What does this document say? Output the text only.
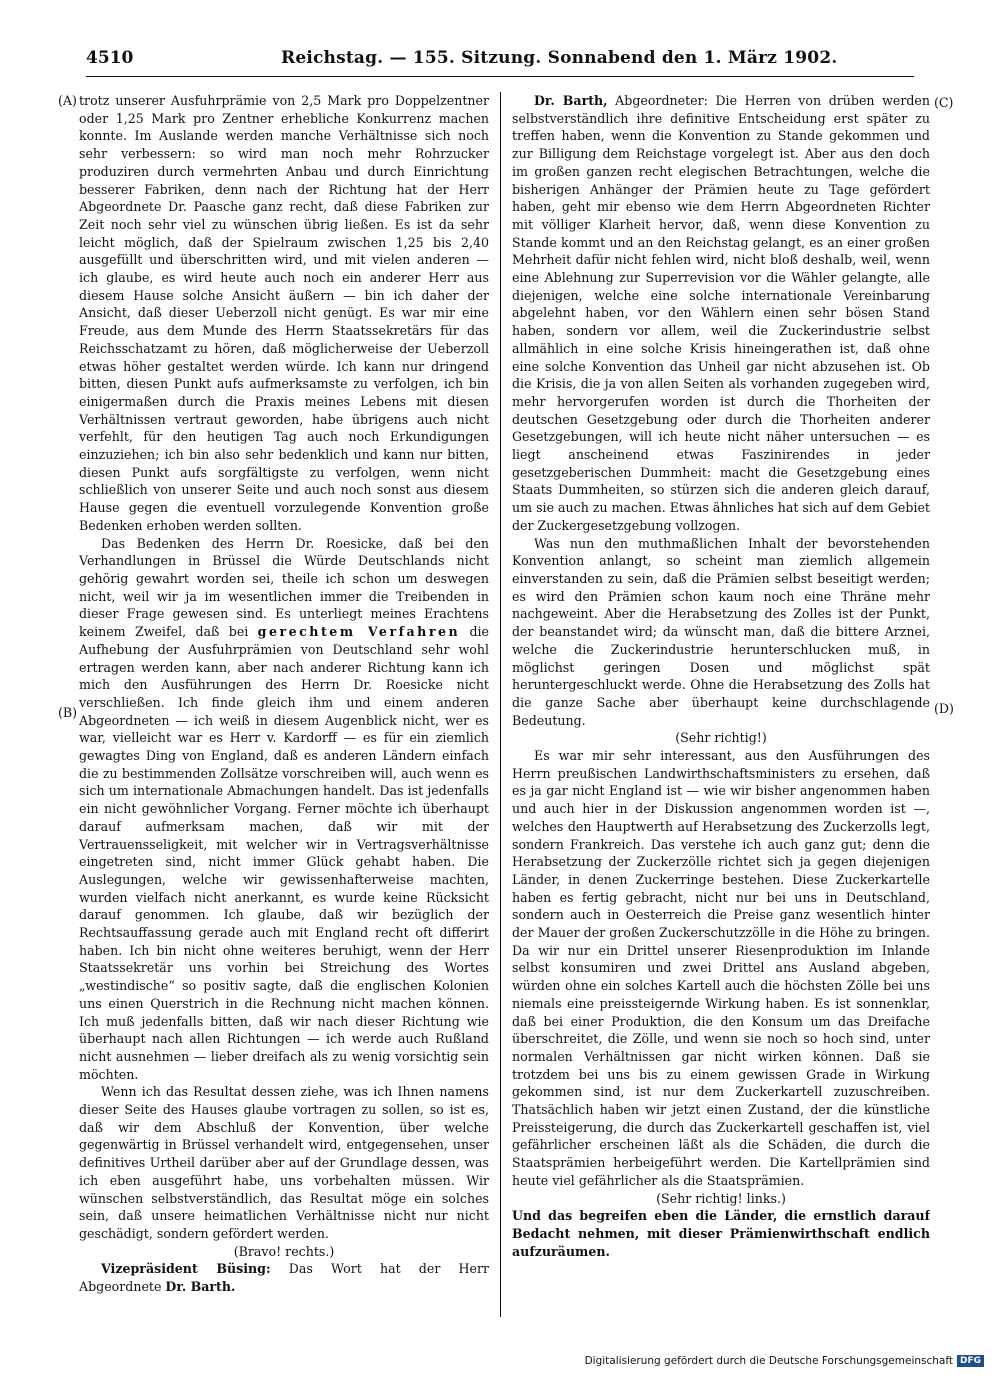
4510	Reichstag. — 155. Sitzung. Sonnabend den 1. März 1902.
(A)
(B)
(C)
(D)

trotz unserer Ausfuhrprämie von 2,5 Mark pro Doppelzentner oder 1,25 Mark pro Zentner erhebliche Konkurrenz machen konnte. Im Auslande werden manche Verhältnisse sich noch sehr verbessern: so wird man noch mehr Rohrzucker produziren durch vermehrten Anbau und durch Einrichtung besserer Fabriken, denn nach der Richtung hat der Herr Abgeordnete Dr. Paasche ganz recht, daß diese Fabriken zur Zeit noch sehr viel zu wünschen übrig ließen. Es ist da sehr leicht möglich, daß der Spielraum zwischen 1,25 bis 2,40 ausgefüllt und überschritten wird, und mit vielen anderen — ich glaube, es wird heute auch noch ein anderer Herr aus diesem Hause solche Ansicht äußern — bin ich daher der Ansicht, daß dieser Ueberzoll nicht genügt. Es war mir eine Freude, aus dem Munde des Herrn Staatssekretärs für das Reichsschatzamt zu hören, daß möglicherweise der Ueberzoll etwas höher gestaltet werden würde. Ich kann nur dringend bitten, diesen Punkt aufs aufmerksamste zu verfolgen, ich bin einigermaßen durch die Praxis meines Lebens mit diesen Verhältnissen vertraut geworden, habe übrigens auch nicht verfehlt, für den heutigen Tag auch noch Erkundigungen einzuziehen; ich bin also sehr bedenklich und kann nur bitten, diesen Punkt aufs sorgfältigste zu verfolgen, wenn nicht schließlich von unserer Seite und auch noch sonst aus diesem Hause gegen die eventuell vorzulegende Konvention große Bedenken erhoben werden sollten.

Das Bedenken des Herrn Dr. Roesicke, daß bei den Verhandlungen in Brüssel die Würde Deutschlands nicht gehörig gewahrt worden sei, theile ich schon um deswegen nicht, weil wir ja im wesentlichen immer die Treibenden in dieser Frage gewesen sind. Es unterliegt meines Erachtens keinem Zweifel, daß bei gerechtem Verfahren die Aufhebung der Ausfuhrprämien von Deutschland sehr wohl ertragen werden kann, aber nach anderer Richtung kann ich mich den Ausführungen des Herrn Dr. Roesicke nicht verschließen. Ich finde gleich ihm und einem anderen Abgeordneten — ich weiß in diesem Augenblick nicht, wer es war, vielleicht war es Herr v. Kardorff — es für ein ziemlich gewagtes Ding von England, daß es anderen Ländern einfach die zu bestimmenden Zollsätze vorschreiben will, auch wenn es sich um internationale Abmachungen handelt. Das ist jedenfalls ein nicht gewöhnlicher Vorgang. Ferner möchte ich überhaupt darauf aufmerksam machen, daß wir mit der Vertrauensseligkeit, mit welcher wir in Vertragsverhältnisse eingetreten sind, nicht immer Glück gehabt haben. Die Auslegungen, welche wir gewissenhafterweise machten, wurden vielfach nicht anerkannt, es wurde keine Rücksicht darauf genommen. Ich glaube, daß wir bezüglich der Rechtsauffassung gerade auch mit England recht oft differirt haben. Ich bin nicht ohne weiteres beruhigt, wenn der Herr Staatssekretär uns vorhin bei Streichung des Wortes „westindische“ so positiv sagte, daß die englischen Kolonien uns einen Querstrich in die Rechnung nicht machen können. Ich muß jedenfalls bitten, daß wir nach dieser Richtung wie überhaupt nach allen Richtungen — ich werde auch Rußland nicht ausnehmen — lieber dreifach als zu wenig vorsichtig sein möchten.

Wenn ich das Resultat dessen ziehe, was ich Ihnen namens dieser Seite des Hauses glaube vortragen zu sollen, so ist es, daß wir dem Abschluß der Konvention, über welche gegenwärtig in Brüssel verhandelt wird, entgegensehen, unser definitives Urtheil darüber aber auf der Grundlage dessen, was ich eben ausgeführt habe, uns vorbehalten müssen. Wir wünschen selbstverständlich, das Resultat möge ein solches sein, daß unsere heimatlichen Verhältnisse nicht nur nicht geschädigt, sondern gefördert werden.

(Bravo! rechts.)

Vizepräsident Büsing: Das Wort hat der Herr Abgeordnete Dr. Barth.

Dr. Barth, Abgeordneter: Die Herren von drüben werden selbstverständlich ihre definitive Entscheidung erst später zu treffen haben, wenn die Konvention zu Stande gekommen und zur Billigung dem Reichstage vorgelegt ist. Aber aus den doch im großen ganzen recht elegischen Betrachtungen, welche die bisherigen Anhänger der Prämien heute zu Tage gefördert haben, geht mir ebenso wie dem Herrn Abgeordneten Richter mit völliger Klarheit hervor, daß, wenn diese Konvention zu Stande kommt und an den Reichstag gelangt, es an einer großen Mehrheit dafür nicht fehlen wird, nicht bloß deshalb, weil, wenn eine Ablehnung zur Superrevision vor die Wähler gelangte, alle diejenigen, welche eine solche internationale Vereinbarung abgelehnt haben, vor den Wählern einen sehr bösen Stand haben, sondern vor allem, weil die Zuckerindustrie selbst allmählich in eine solche Krisis hineingerathen ist, daß ohne eine solche Konvention das Unheil gar nicht abzusehen ist. Ob die Krisis, die ja von allen Seiten als vorhanden zugegeben wird, mehr hervorgerufen worden ist durch die Thorheiten der deutschen Gesetzgebung oder durch die Thorheiten anderer Gesetzgebungen, will ich heute nicht näher untersuchen — es liegt anscheinend etwas Faszinirendes in jeder gesetzgeberischen Dummheit: macht die Gesetzgebung eines Staats Dummheiten, so stürzen sich die anderen gleich darauf, um sie auch zu machen. Etwas ähnliches hat sich auf dem Gebiet der Zuckergesetzgebung vollzogen.

Was nun den muthmaßlichen Inhalt der bevorstehenden Konvention anlangt, so scheint man ziemlich allgemein einverstanden zu sein, daß die Prämien selbst beseitigt werden; es wird den Prämien schon kaum noch eine Thräne mehr nachgeweint. Aber die Herabsetzung des Zolles ist der Punkt, der beanstandet wird; da wünscht man, daß die bittere Arznei, welche die Zuckerindustrie herunterschlucken muß, in möglichst geringen Dosen und möglichst spät heruntergeschluckt werde. Ohne die Herabsetzung des Zolls hat die ganze Sache aber überhaupt keine durchschlagende Bedeutung.

(Sehr richtig!)

Es war mir sehr interessant, aus den Ausführungen des Herrn preußischen Landwirthschaftsministers zu ersehen, daß es ja gar nicht England ist — wie wir bisher angenommen haben und auch hier in der Diskussion angenommen worden ist —, welches den Hauptwerth auf Herabsetzung des Zuckerzolls legt, sondern Frankreich. Das verstehe ich auch ganz gut; denn die Herabsetzung der Zuckerzölle richtet sich ja gegen diejenigen Länder, in denen Zuckerringe bestehen. Diese Zuckerkartelle haben es fertig gebracht, nicht nur bei uns in Deutschland, sondern auch in Oesterreich die Preise ganz wesentlich hinter der Mauer der großen Zuckerschutzzölle in die Höhe zu bringen. Da wir nur ein Drittel unserer Riesenproduktion im Inlande selbst konsumiren und zwei Drittel ans Ausland abgeben, würden ohne ein solches Kartell auch die höchsten Zölle bei uns niemals eine preissteigernde Wirkung haben. Es ist sonnenklar, daß bei einer Produktion, die den Konsum um das Dreifache überschreitet, die Zölle, und wenn sie noch so hoch sind, unter normalen Verhältnissen gar nicht wirken können. Daß sie trotzdem bei uns bis zu einem gewissen Grade in Wirkung gekommen sind, ist nur dem Zuckerkartell zuzuschreiben. Thatsächlich haben wir jetzt einen Zustand, der die künstliche Preissteigerung, die durch das Zuckerkartell geschaffen ist, viel gefährlicher erscheinen läßt als die Schäden, die durch die Staatsprämien herbeigeführt werden. Die Kartellprämien sind heute viel gefährlicher als die Staatsprämien.

(Sehr richtig! links.)

Und das begreifen eben die Länder, die ernstlich darauf Bedacht nehmen, mit dieser Prämienwirthschaft endlich aufzuräumen.

Digitalisierung gefördert durch die Deutsche Forschungsgemeinschaft DFG
